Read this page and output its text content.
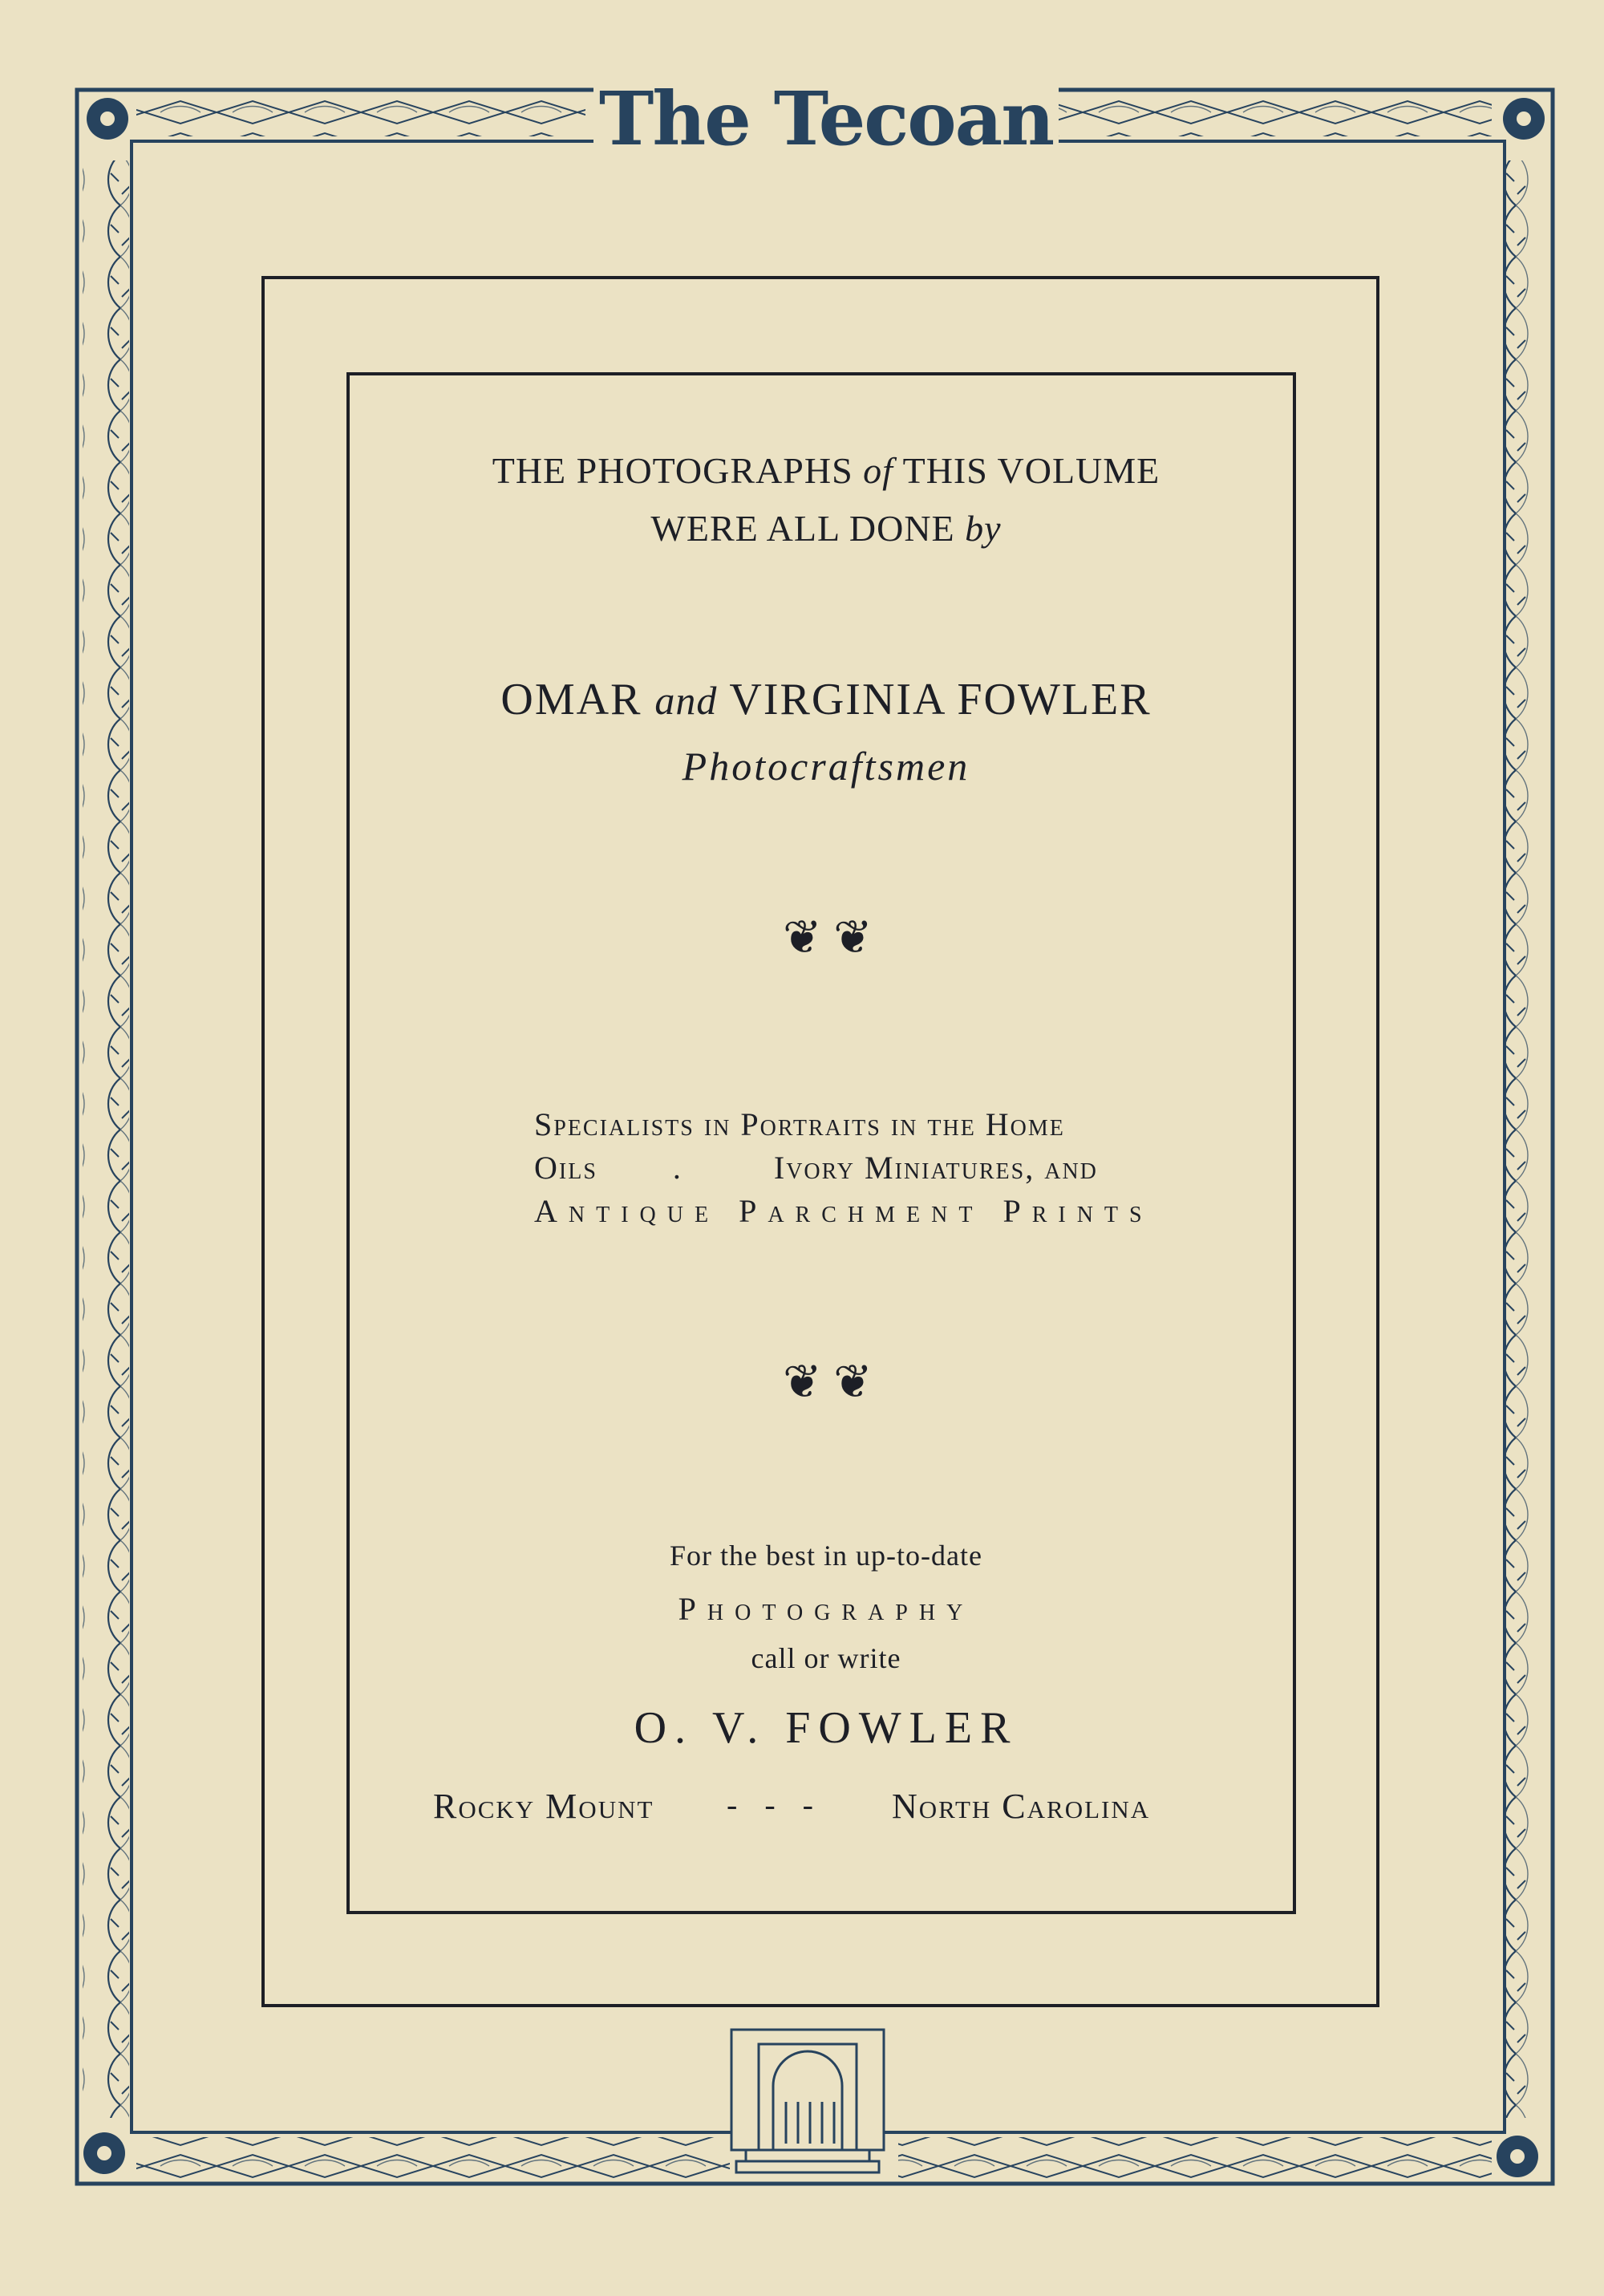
The Tecoan
THE PHOTOGRAPHS of THIS VOLUME
WERE ALL DONE by
OMAR and VIRGINIA FOWLER
Photocraftsmen
❦ ❦
Specialists in Portraits in the Home
Oils .	Ivory Miniatures, and
Antique Parchment Prints
❦ ❦
For the best in up-to-date
Photography
call or write
O. V. FOWLER
Rocky Mount - - - North Carolina
